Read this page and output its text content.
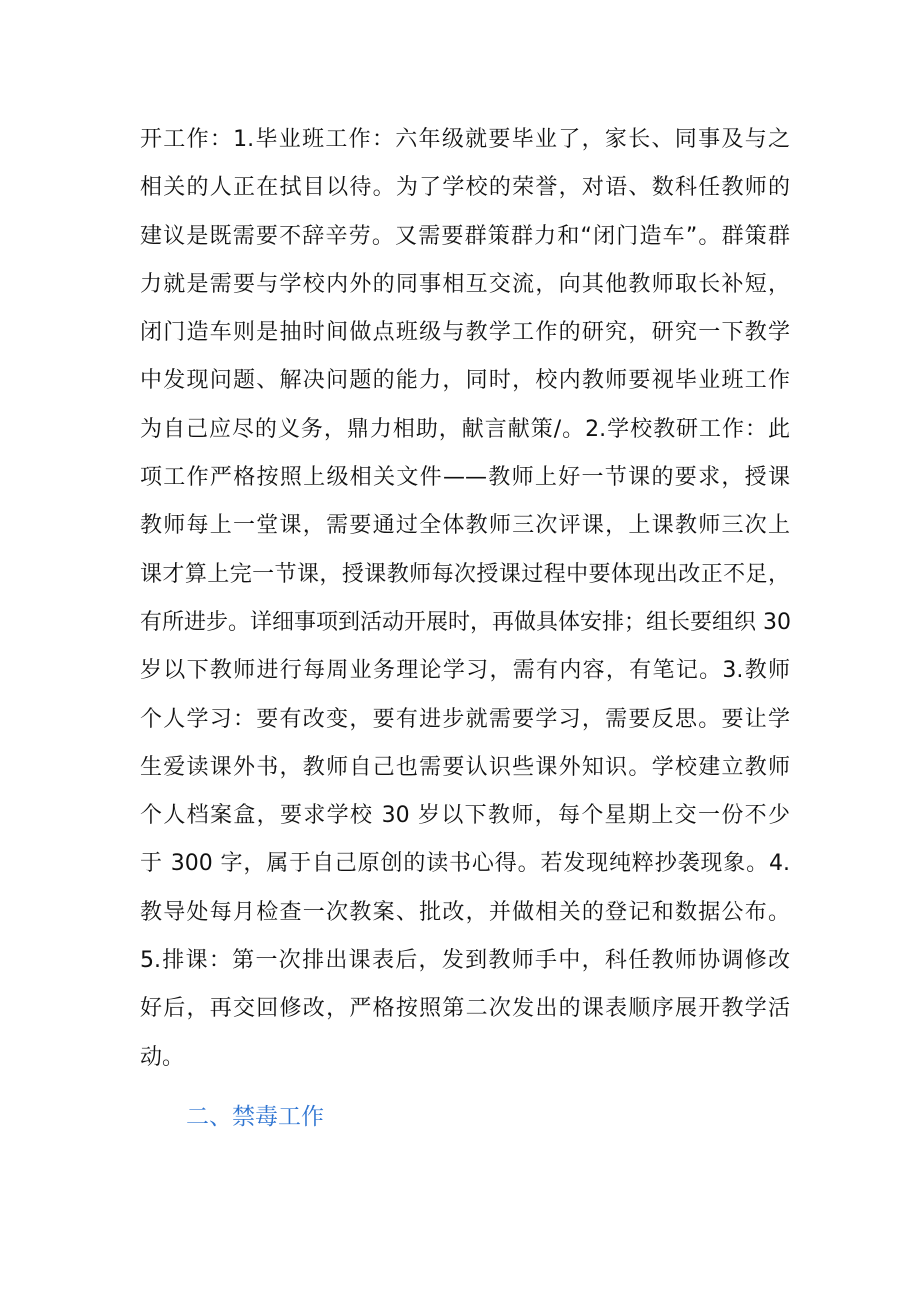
开工作：1.毕业班工作：六年级就要毕业了，家长、同事及与之
相关的人正在拭目以待。为了学校的荣誉，对语、数科任教师的
建议是既需要不辞辛劳。又需要群策群力和“闭门造车”。群策群
力就是需要与学校内外的同事相互交流，向其他教师取长补短，
闭门造车则是抽时间做点班级与教学工作的研究，研究一下教学
中发现问题、解决问题的能力，同时，校内教师要视毕业班工作
为自己应尽的义务，鼎力相助，献言献策/。2.学校教研工作：此
项工作严格按照上级相关文件——教师上好一节课的要求，授课
教师每上一堂课，需要通过全体教师三次评课，上课教师三次上
课才算上完一节课，授课教师每次授课过程中要体现出改正不足，
有所进步。详细事项到活动开展时，再做具体安排；组长要组织 30
岁以下教师进行每周业务理论学习，需有内容，有笔记。3.教师
个人学习：要有改变，要有进步就需要学习，需要反思。要让学
生爱读课外书，教师自己也需要认识些课外知识。学校建立教师
个人档案盒，要求学校 30 岁以下教师，每个星期上交一份不少
于 300 字，属于自己原创的读书心得。若发现纯粹抄袭现象。4.
教导处每月检查一次教案、批改，并做相关的登记和数据公布。
5.排课：第一次排出课表后，发到教师手中，科任教师协调修改
好后，再交回修改，严格按照第二次发出的课表顺序展开教学活
动。
二、禁毒工作
